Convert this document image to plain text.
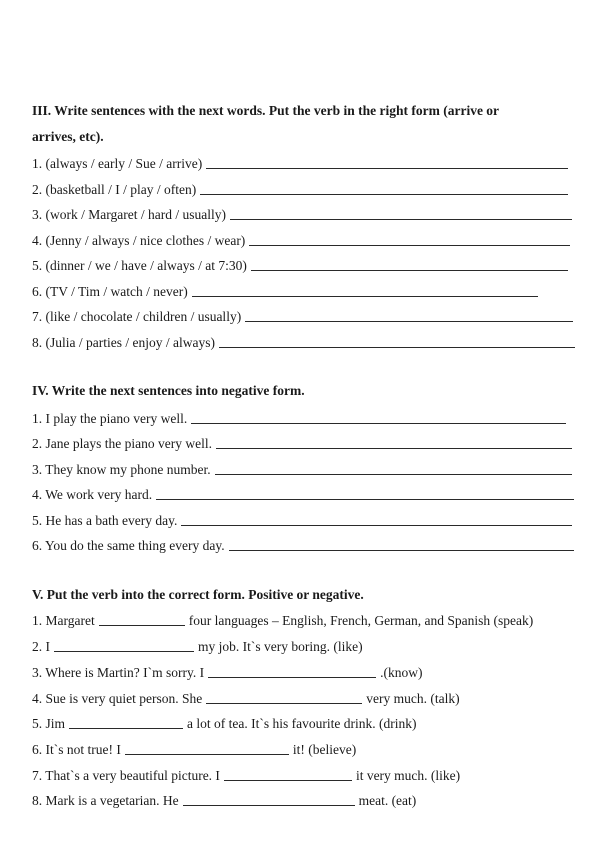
III. Write sentences with the next words. Put the verb in the right form (arrive or
arrives, etc).
1. (always / early / Sue / arrive)
2. (basketball / I / play / often)
3. (work / Margaret / hard / usually)
4. (Jenny / always / nice clothes / wear)
5. (dinner / we / have / always / at 7:30)
6. (TV / Tim / watch / never)
7. (like / chocolate / children / usually)
8. (Julia / parties / enjoy / always)
IV. Write the next sentences into negative form.
1. I play the piano very well.
2. Jane plays the piano very well.
3. They know my phone number.
4. We work very hard.
5. He has a bath every day.
6. You do the same thing every day.
V. Put the verb into the correct form. Positive or negative.
1. Margaret	four languages – English, French, German, and Spanish (speak)
2. I	my job. It`s very boring. (like)
3. Where is Martin? I`m sorry. I	.(know)
4. Sue is very quiet person. She	very much. (talk)
5. Jim	a lot of tea. It`s his favourite drink. (drink)
6. It`s not true! I	it! (believe)
7. That`s a very beautiful picture. I	it very much. (like)
8. Mark is a vegetarian. He	meat. (eat)
